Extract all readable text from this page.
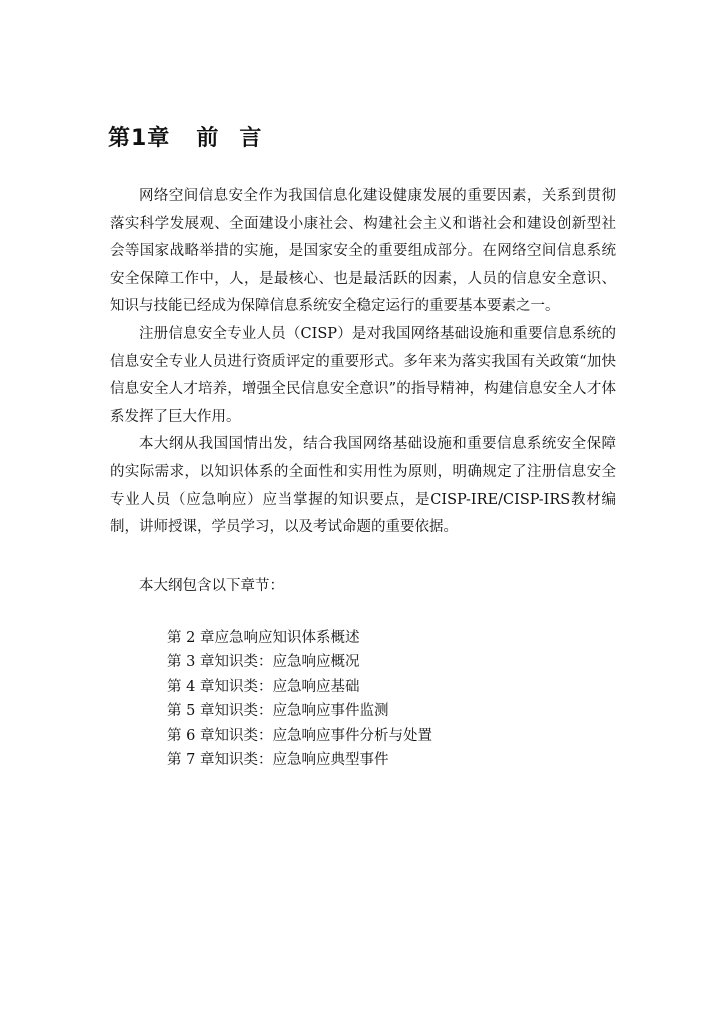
第1章 前 言

网络空间信息安全作为我国信息化建设健康发展的重要因素，关系到贯彻落实科学发展观、全面建设小康社会、构建社会主义和谐社会和建设创新型社会等国家战略举措的实施，是国家安全的重要组成部分。在网络空间信息系统安全保障工作中，人，是最核心、也是最活跃的因素，人员的信息安全意识、知识与技能已经成为保障信息系统安全稳定运行的重要基本要素之一。

注册信息安全专业人员（CISP）是对我国网络基础设施和重要信息系统的信息安全专业人员进行资质评定的重要形式。多年来为落实我国有关政策“加快信息安全人才培养，增强全民信息安全意识”的指导精神，构建信息安全人才体系发挥了巨大作用。

本大纲从我国国情出发，结合我国网络基础设施和重要信息系统安全保障的实际需求，以知识体系的全面性和实用性为原则，明确规定了注册信息安全专业人员（应急响应）应当掌握的知识要点，是CISP-IRE/CISP-IRS教材编制，讲师授课，学员学习，以及考试命题的重要依据。

本大纲包含以下章节：
第 2 章应急响应知识体系概述
第 3 章知识类：应急响应概况
第 4 章知识类：应急响应基础
第 5 章知识类：应急响应事件监测
第 6 章知识类：应急响应事件分析与处置
第 7 章知识类：应急响应典型事件
